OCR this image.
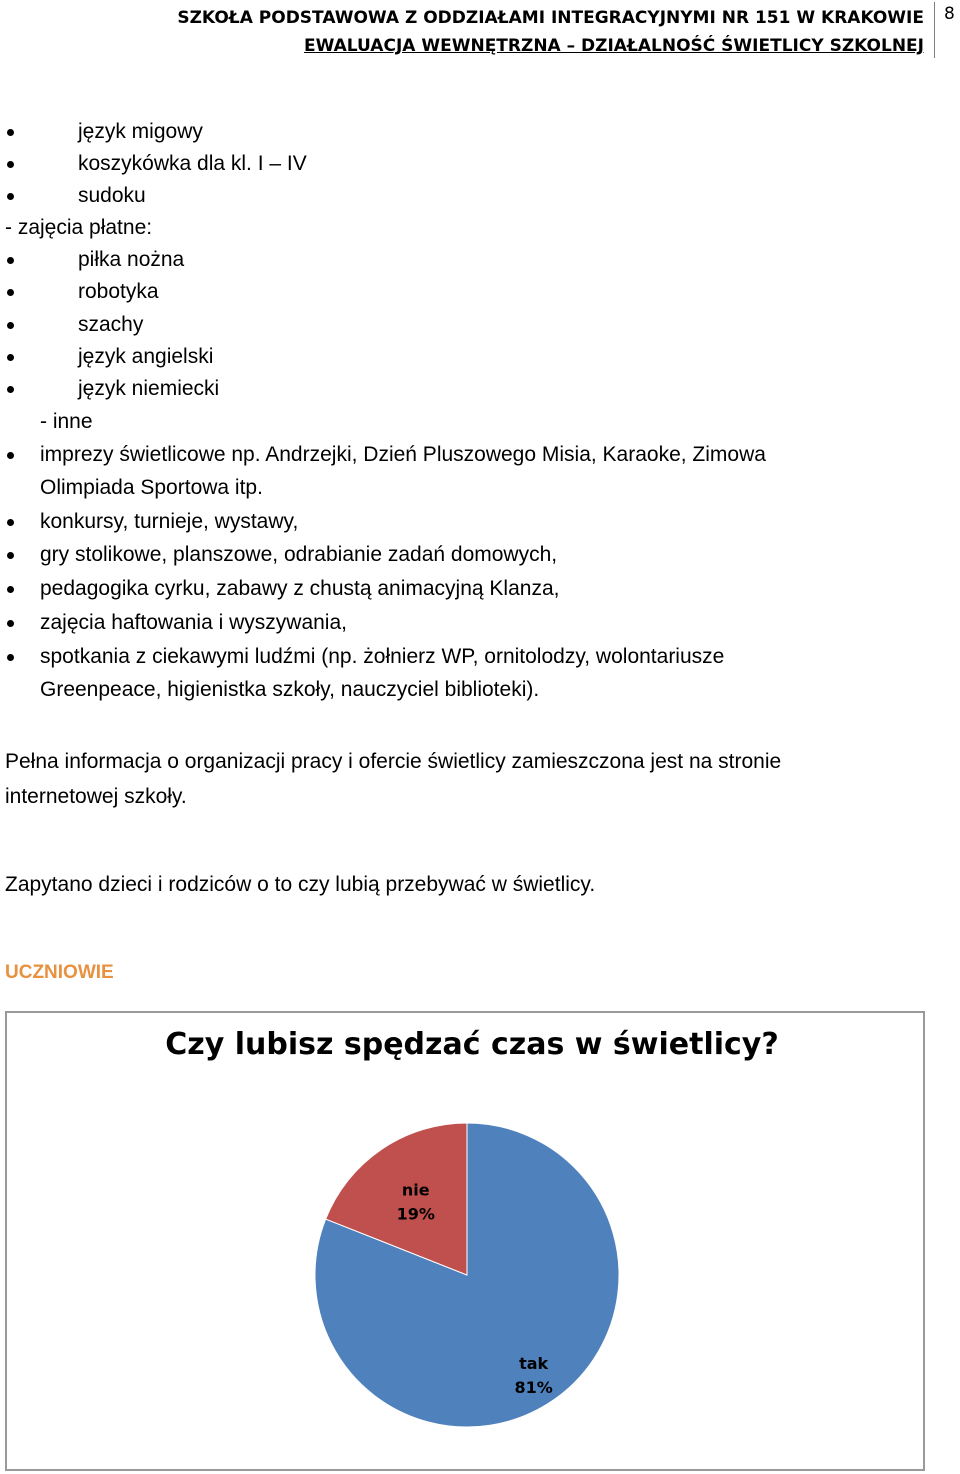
SZKOŁA PODSTAWOWA Z ODDZIAŁAMI INTEGRACYJNYMI NR 151 W KRAKOWIE
EWALUACJA WEWNĘTRZNA – DZIAŁALNOŚĆ ŚWIETLICY SZKOLNEJ
8
język migowy
koszykówka dla kl. I – IV
sudoku
- zajęcia płatne:
piłka nożna
robotyka
szachy
język angielski
język niemiecki
- inne
imprezy świetlicowe np. Andrzejki, Dzień Pluszowego Misia, Karaoke, Zimowa
Olimpiada Sportowa itp.
konkursy, turnieje, wystawy,
gry stolikowe, planszowe, odrabianie zadań domowych,
pedagogika cyrku, zabawy z chustą animacyjną Klanza,
zajęcia haftowania i wyszywania,
spotkania z ciekawymi ludźmi (np. żołnierz WP, ornitolodzy, wolontariusze
Greenpeace, higienistka szkoły, nauczyciel biblioteki).
Pełna informacja o organizacji pracy i ofercie świetlicy zamieszczona jest na stronie
internetowej szkoły.
Zapytano dzieci i rodziców o to czy lubią przebywać w świetlicy.
UCZNIOWIE
Czy lubisz spędzać czas w świetlicy?
tak
81%
nie
19%
